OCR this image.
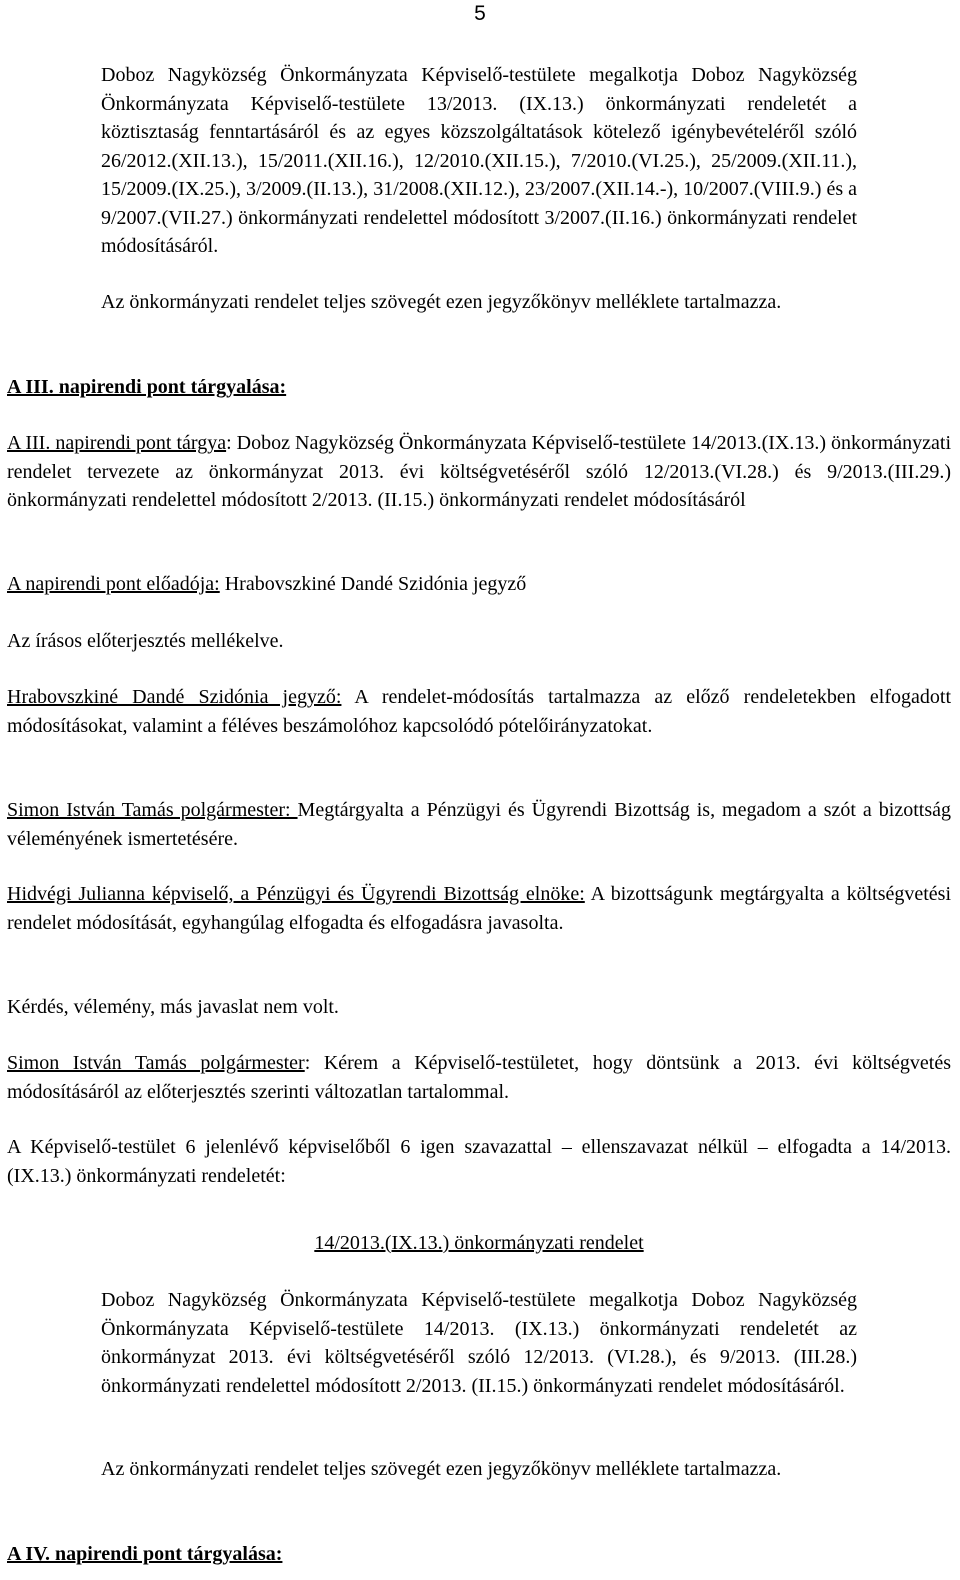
5

Doboz Nagyközség Önkormányzata Képviselő-testülete megalkotja Doboz Nagyközség Önkormányzata Képviselő-testülete 13/2013. (IX.13.) önkormányzati rendeletét a köztisztaság fenntartásáról és az egyes közszolgáltatások kötelező igénybevételéről szóló 26/2012.(XII.13.), 15/2011.(XII.16.), 12/2010.(XII.15.), 7/2010.(VI.25.), 25/2009.(XII.11.), 15/2009.(IX.25.), 3/2009.(II.13.), 31/2008.(XII.12.), 23/2007.(XII.14.-), 10/2007.(VIII.9.) és a 9/2007.(VII.27.) önkormányzati rendelettel módosított 3/2007.(II.16.) önkormányzati rendelet módosításáról.

Az önkormányzati rendelet teljes szövegét ezen jegyzőkönyv melléklete tartalmazza.

A III. napirendi pont tárgyalása:

A III. napirendi pont tárgya: Doboz Nagyközség Önkormányzata Képviselő-testülete 14/2013.(IX.13.) önkormányzati rendelet tervezete az önkormányzat 2013. évi költségvetéséről szóló 12/2013.(VI.28.) és 9/2013.(III.29.) önkormányzati rendelettel módosított 2/2013. (II.15.) önkormányzati rendelet módosításáról

A napirendi pont előadója: Hrabovszkiné Dandé Szidónia jegyző

Az írásos előterjesztés mellékelve.

Hrabovszkiné Dandé Szidónia jegyző: A rendelet-módosítás tartalmazza az előző rendeletekben elfogadott módosításokat, valamint a féléves beszámolóhoz kapcsolódó pótelőirányzatokat.

Simon István Tamás polgármester: Megtárgyalta a Pénzügyi és Ügyrendi Bizottság is, megadom a szót a bizottság véleményének ismertetésére.

Hidvégi Julianna képviselő, a Pénzügyi és Ügyrendi Bizottság elnöke: A bizottságunk megtárgyalta a költségvetési rendelet módosítását, egyhangúlag elfogadta és elfogadásra javasolta.

Kérdés, vélemény, más javaslat nem volt.

Simon István Tamás polgármester: Kérem a Képviselő-testületet, hogy döntsünk a 2013. évi költségvetés módosításáról az előterjesztés szerinti változatlan tartalommal.

A Képviselő-testület 6 jelenlévő képviselőből 6 igen szavazattal – ellenszavazat nélkül – elfogadta a 14/2013. (IX.13.) önkormányzati rendeletét:

14/2013.(IX.13.) önkormányzati rendelet

Doboz Nagyközség Önkormányzata Képviselő-testülete megalkotja Doboz Nagyközség Önkormányzata Képviselő-testülete 14/2013. (IX.13.) önkormányzati rendeletét az önkormányzat 2013. évi költségvetéséről szóló 12/2013. (VI.28.), és 9/2013. (III.28.) önkormányzati rendelettel módosított 2/2013. (II.15.) önkormányzati rendelet módosításáról.

Az önkormányzati rendelet teljes szövegét ezen jegyzőkönyv melléklete tartalmazza.

A IV. napirendi pont tárgyalása:
